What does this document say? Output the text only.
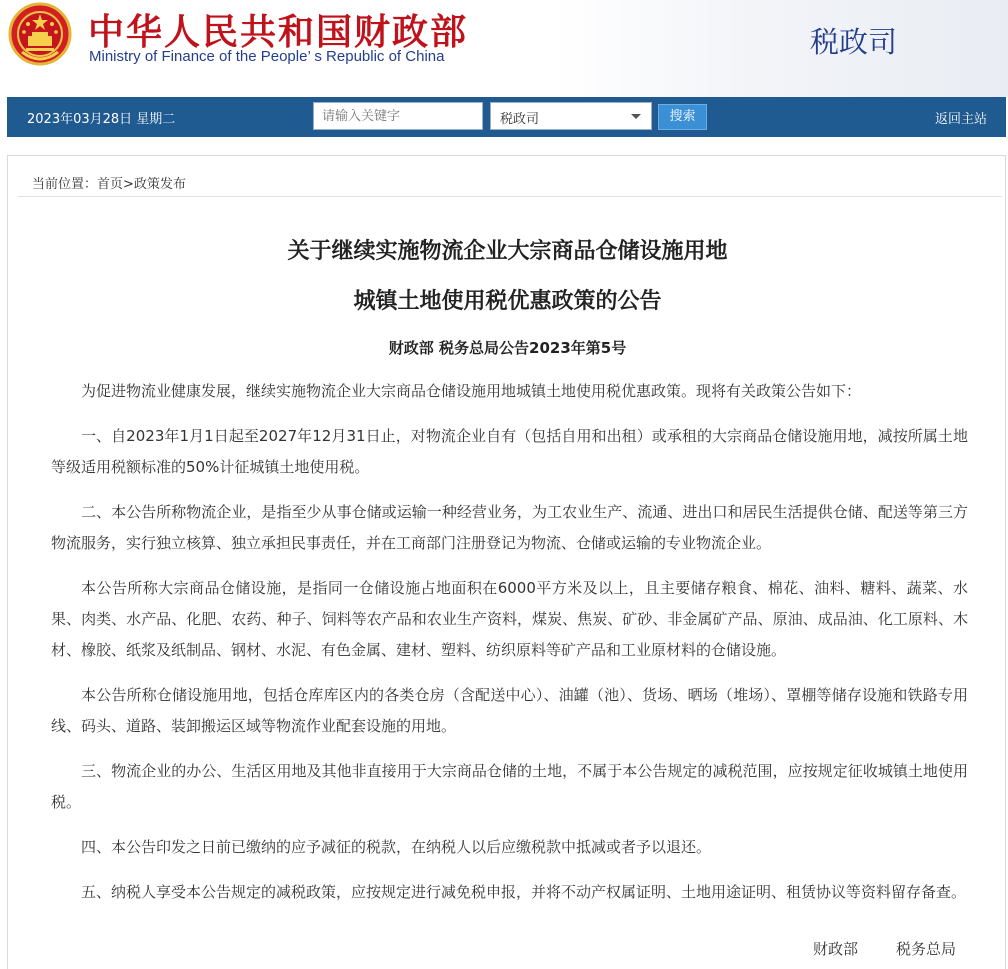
中华人民共和国财政部
Ministry of Finance of the People’ s Republic of China	税政司
2023年03月28日 星期二
请输入关键字	税政司	搜索	返回主站
当前位置：首页>政策发布
关于继续实施物流企业大宗商品仓储设施用地
城镇土地使用税优惠政策的公告
财政部 税务总局公告2023年第5号

为促进物流业健康发展，继续实施物流企业大宗商品仓储设施用地城镇土地使用税优惠政策。现将有关政策公告如下：

一、自2023年1月1日起至2027年12月31日止，对物流企业自有（包括自用和出租）或承租的大宗商品仓储设施用地，减按所属土地等级适用税额标准的50%计征城镇土地使用税。

二、本公告所称物流企业，是指至少从事仓储或运输一种经营业务，为工农业生产、流通、进出口和居民生活提供仓储、配送等第三方物流服务，实行独立核算、独立承担民事责任，并在工商部门注册登记为物流、仓储或运输的专业物流企业。

本公告所称大宗商品仓储设施，是指同一仓储设施占地面积在6000平方米及以上，且主要储存粮食、棉花、油料、糖料、蔬菜、水果、肉类、水产品、化肥、农药、种子、饲料等农产品和农业生产资料，煤炭、焦炭、矿砂、非金属矿产品、原油、成品油、化工原料、木材、橡胶、纸浆及纸制品、钢材、水泥、有色金属、建材、塑料、纺织原料等矿产品和工业原材料的仓储设施。

本公告所称仓储设施用地，包括仓库库区内的各类仓房（含配送中心）、油罐（池）、货场、晒场（堆场）、罩棚等储存设施和铁路专用线、码头、道路、装卸搬运区域等物流作业配套设施的用地。

三、物流企业的办公、生活区用地及其他非直接用于大宗商品仓储的土地，不属于本公告规定的减税范围，应按规定征收城镇土地使用税。

四、本公告印发之日前已缴纳的应予减征的税款，在纳税人以后应缴税款中抵减或者予以退还。

五、纳税人享受本公告规定的减税政策，应按规定进行减免税申报，并将不动产权属证明、土地用途证明、租赁协议等资料留存备查。

财政部	税务总局
